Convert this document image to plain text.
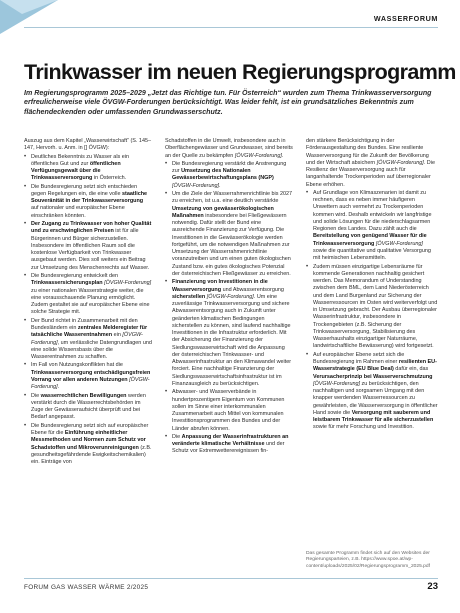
WASSERFORUM
Trinkwasser im neuen Regierungsprogramm

Im Regierungsprogramm 2025–2029 „Jetzt das Richtige tun. Für Österreich“ wurden zum Thema Trinkwasserversorgung erfreulicherweise viele ÖVGW-Forderungen berücksichtigt. Was leider fehlt, ist ein grundsätzliches Bekenntnis zum flächendeckenden oder umfassenden Grundwasserschutz.

Auszug aus dem Kapitel „Wasserwirtschaft“ (S. 145–147, Hervorh. u. Anm. in [] ÖVGW):

• Deutliches Bekenntnis zu Wasser als ein öffentliches Gut und zur öffentlichen Verfügungsgewalt über die Trinkwasserversorgung in Österreich.
• Die Bundesregierung setzt sich entschieden gegen Regelungen ein, die eine volle staatliche Souveränität in der Trinkwasserversorgung auf nationaler und europäischer Ebene einschränken könnten.
• Der Zugang zu Trinkwasser von hoher Qualität und zu erschwinglichen Preisen ist für alle Bürgerinnen und Bürger sicherzustellen. Insbesondere im öffentlichen Raum soll die kostenlose Verfügbarkeit von Trinkwasser ausgebaut werden. Dies soll weiters ein Beitrag zur Umsetzung des Menschenrechts auf Wasser.
• Die Bundesregierung entwickelt den Trinkwassersicherungsplan [ÖVGW-Forderung] zu einer nationalen Wasserstrategie weiter, die eine vorausschauende Planung ermöglicht. Zudem gestaltet sie auf europäischer Ebene eine solche Strategie mit.
• Der Bund richtet in Zusammenarbeit mit den Bundesländern ein zentrales Melderegister für tatsächliche Wasserentnahmen ein [ÖVGW-Forderung], um verlässliche Datengrundlagen und eine solide Wissensbasis über die Wasserentnahmen zu schaffen.
• Im Fall von Nutzungskonflikten hat die Trinkwasserversorgung entschädigungsfreien Vorrang vor allen anderen Nutzungen [ÖVGW-Forderung].
• Die wasserrechtlichen Bewilligungen werden verstärkt durch die Wasserrechtsbehörden im Zuge der Gewässeraufsicht überprüft und bei Bedarf angepasst.
• Die Bundesregierung setzt sich auf europäischer Ebene für die Einführung einheitlicher Messmethoden und Normen zum Schutz vor Schadstoffen und Mikroverunreinigungen (z.B. gesundheitsgefährdende Ewigkeitschemikalien) ein. Einträge von
Schadstoffen in die Umwelt, insbesondere auch in Oberflächengewässer und Grundwasser, sind bereits an der Quelle zu bekämpfen [ÖVGW-Forderung].
• Die Bundesregierung verstärkt die Anstrengung zur Umsetzung des Nationalen Gewässerbewirtschaftungsplans (NGP) [ÖVGW-Forderung].
• Um die Ziele der Wasserrahmenrichtlinie bis 2027 zu erreichen, ist u.a. eine deutlich verstärkte Umsetzung von gewässerökologischen Maßnahmen insbesondere bei Fließgewässern notwendig. Dafür stellt der Bund eine ausreichende Finanzierung zur Verfügung. Die Investitionen in die Gewässerökologie werden fortgeführt, um die notwendigen Maßnahmen zur Umsetzung der Wasserrahmenrichtlinie voranzutreiben und um einen guten ökologischen Zustand bzw. ein gutes ökologisches Potenzial der österreichischen Fließgewässer zu erreichen.
• Finanzierung von Investitionen in die Wasserversorgung und Abwasserentsorgung sicherstellen [ÖVGW-Forderung]. Um eine zuverlässige Trinkwasserversorgung und sichere Abwasserentsorgung auch in Zukunft unter geänderten klimatischen Bedingungen sicherstellen zu können, sind laufend nachhaltige Investitionen in die Infrastruktur erforderlich. Mit der Absicherung der Finanzierung der Siedlungswasserwirtschaft wird die Anpassung der österreichischen Trinkwasser- und Abwasserinfrastruktur an den Klimawandel weiter forciert. Eine nachhaltige Finanzierung der Siedlungswasserwirtschaftsinfrastruktur ist im Finanzausgleich zu berücksichtigen.
• Abwasser- und Wasserverbände in hundertprozentigem Eigentum von Kommunen sollen im Sinne einer interkommunalen Zusammenarbeit auch Mittel von kommunalen Investitionsprogrammen des Bundes und der Länder abrufen können.
• Die Anpassung der Wasserinfrastrukturen an veränderte klimatische Verhältnisse und der Schutz vor Extremwetterereignissen fin-
den stärkere Berücksichtigung in der Förderausgestaltung des Bundes. Eine resiliente Wasserversorgung für die Zukunft der Bevölkerung und der Wirtschaft absichern [ÖVGW-Forderung]. Die Resilienz der Wasserversorgung auch für langanhaltende Trockenperioden auf überregionaler Ebene erhöhen.
• Auf Grundlage von Klimaszenarien ist damit zu rechnen, dass es neben immer häufigeren Unwettern auch vermehrt zu Trockenperioden kommen wird. Deshalb entwickeln wir langfristige und solide Lösungen für die niederschlagsarmen Regionen des Landes. Dazu zählt auch die Bereitstellung von genügend Wasser für die Trinkwasserversorgung [ÖVGW-Forderung] sowie die quantitative und qualitative Versorgung mit heimischen Lebensmitteln.
• Zudem müssen einzigartige Lebensräume für kommende Generationen nachhaltig gesichert werden. Das Memorandum of Understanding zwischen dem BML, dem Land Niederösterreich und dem Land Burgenland zur Sicherung der Wasserressourcen im Osten wird weiterverfolgt und in Umsetzung gebracht. Der Ausbau überregionaler Wasserinfrastruktur, insbesondere in Trockengebieten (z.B. Sicherung der Trinkwasserversorgung, Stabilisierung des Wasserhaushalts einzigartiger Naturräume, landwirtschaftliche Bewässerung) wird fortgesetzt.
• Auf europäischer Ebene setzt sich die Bundesregierung im Rahmen einer resilienten EU-Wasserstrategie (EU Blue Deal) dafür ein, das Verursacherprinzip bei Wasserverschmutzung [ÖVGW-Forderung] zu berücksichtigen, den nachhaltigen und sorgsamen Umgang mit den knapper werdenden Wasserressourcen zu gewährleisten, die Wasserversorgung in öffentlicher Hand sowie die Versorgung mit sauberem und leistbarem Trinkwasser für alle sicherzustellen sowie für mehr Forschung und Investition.

Das gesamte Programm findet sich auf den Websites der Regierungsparteien, z.B. https://www.spoe.at/wp-content/uploads/2025/02/Regierungsprogramm_2025.pdf

FORUM GAS WASSER WÄRME 2/2025	23
